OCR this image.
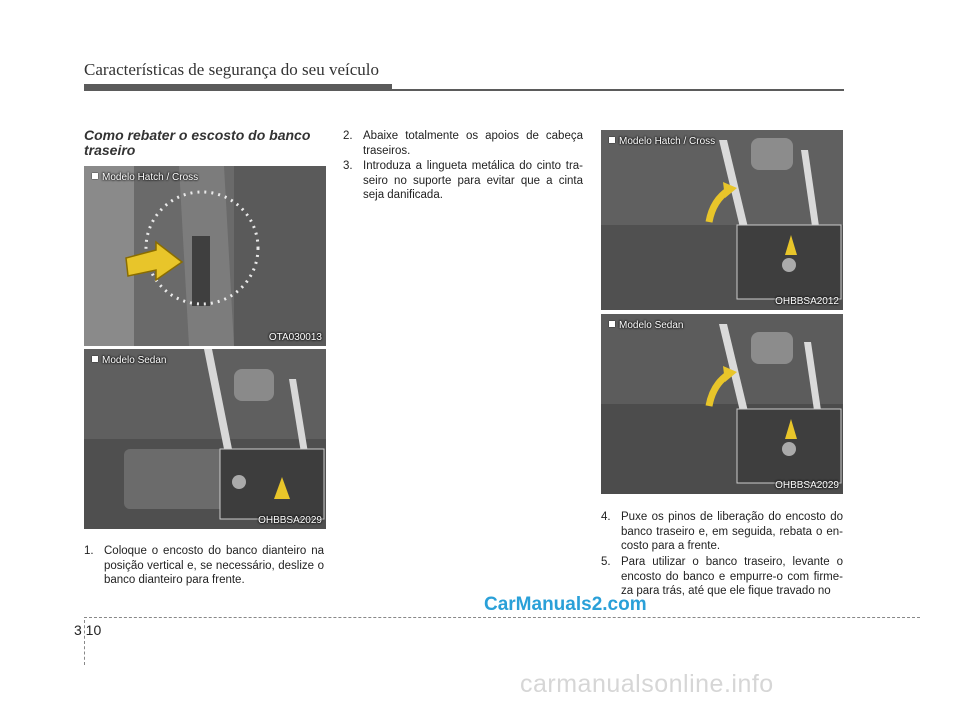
Características de segurança do seu veículo
Como rebater o escosto do banco traseiro
Modelo Hatch / Cross
OTA030013
Modelo Sedan
OHBBSA2029
Modelo Hatch / Cross
OHBBSA2012
Modelo Sedan
OHBBSA2029
1. Coloque o encosto do banco dianteiro na posição vertical e, se necessário, deslize o banco dianteiro para frente.
2. Abaixe totalmente os apoios de cabeça traseiros.
3. Introduza a lingueta metálica do cinto tra-seiro no suporte para evitar que a cinta seja danificada.
4. Puxe os pinos de liberação do encosto do banco traseiro e, em seguida, rebata o en-costo para a frente.
5. Para utilizar o banco traseiro, levante o encosto do banco e empurre-o com firme-za para trás, até que ele fique travado no
3 10
CarManuals2.com
carmanualsonline.info
